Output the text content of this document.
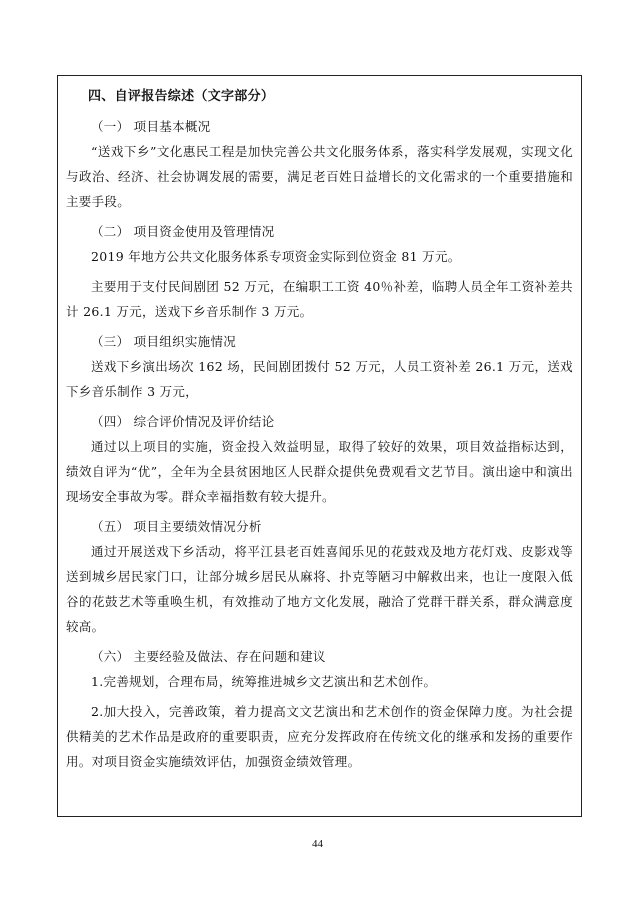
四、自评报告综述（文字部分）

（一） 项目基本概况

“送戏下乡”文化惠民工程是加快完善公共文化服务体系，落实科学发展观，实现文化与政治、经济、社会协调发展的需要，满足老百姓日益增长的文化需求的一个重要措施和主要手段。

（二） 项目资金使用及管理情况

2019 年地方公共文化服务体系专项资金实际到位资金 81 万元。

主要用于支付民间剧团 52 万元，在编职工工资 40％补差，临聘人员全年工资补差共计 26.1 万元，送戏下乡音乐制作 3 万元。

（三） 项目组织实施情况

送戏下乡演出场次 162 场，民间剧团拨付 52 万元，人员工资补差 26.1 万元，送戏下乡音乐制作 3 万元，

（四） 综合评价情况及评价结论

通过以上项目的实施，资金投入效益明显，取得了较好的效果，项目效益指标达到，绩效自评为“优”，全年为全县贫困地区人民群众提供免费观看文艺节目。演出途中和演出现场安全事故为零。群众幸福指数有较大提升。

（五） 项目主要绩效情况分析

通过开展送戏下乡活动，将平江县老百姓喜闻乐见的花鼓戏及地方花灯戏、皮影戏等送到城乡居民家门口，让部分城乡居民从麻将、扑克等陋习中解救出来，也让一度限入低谷的花鼓艺术等重唤生机，有效推动了地方文化发展，融洽了党群干群关系，群众满意度较高。

（六） 主要经验及做法、存在问题和建议

1.完善规划，合理布局，统筹推进城乡文艺演出和艺术创作。

2.加大投入，完善政策，着力提高文文艺演出和艺术创作的资金保障力度。为社会提供精美的艺术作品是政府的重要职责，应充分发挥政府在传统文化的继承和发扬的重要作用。对项目资金实施绩效评估，加强资金绩效管理。

44
